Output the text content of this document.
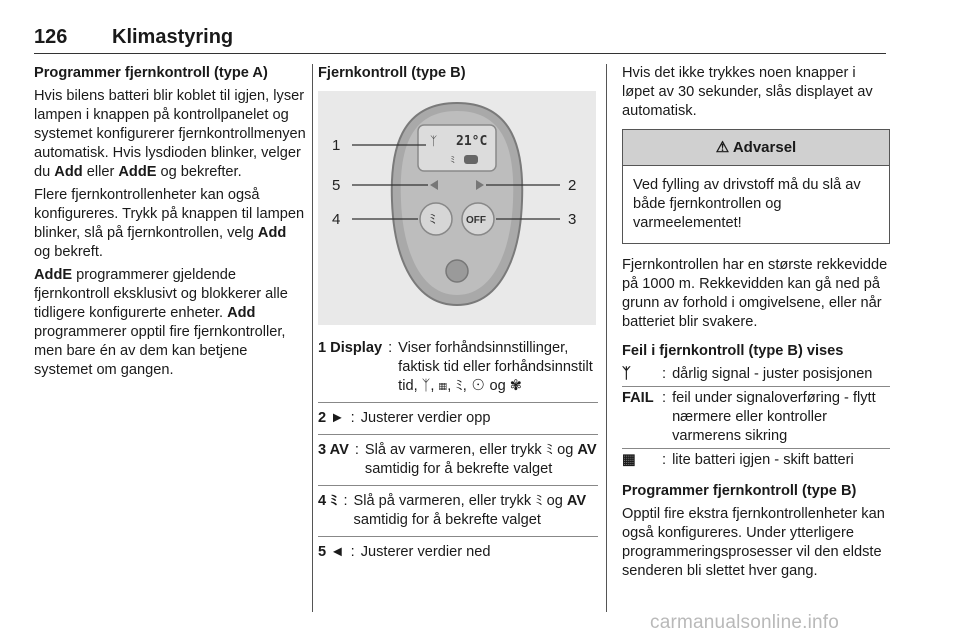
126 Klimastyring

Programmer fjernkontroll (type A)

Hvis bilens batteri blir koblet til igjen, lyser lampen i knappen på kontrollpanelet og systemet konfigurerer fjernkontrollmenyen automatisk. Hvis lysdioden blinker, velger du Add eller AddE og bekrefter.

Flere fjernkontrollenheter kan også konfigureres. Trykk på knappen til lampen blinker, slå på fjernkontrollen, velg Add og bekreft.

AddE programmerer gjeldende fjernkontroll eksklusivt og blokkerer alle tidligere konfigurerte enheter. Add programmerer opptil fire fjernkontroller, men bare én av dem kan betjene systemet om gangen.

Fjernkontroll (type B)

ᛉ 21°C
ﾐ
ﾐ	OFF
1
5
4
2
3
1 Display : Viser forhåndsinnstillinger, faktisk tid eller forhåndsinnstilt tid, ᛉ, ▦, ﾐ, ⊙ og ✾
2 ► : Justerer verdier opp
3 AV : Slå av varmeren, eller trykk ﾐ og AV samtidig for å bekrefte valget
4 ﾐ : Slå på varmeren, eller trykk ﾐ og AV samtidig for å bekrefte valget
5 ◄ : Justerer verdier ned

Hvis det ikke trykkes noen knapper i løpet av 30 sekunder, slås displayet av automatisk.

⚠ Advarsel
Ved fylling av drivstoff må du slå av både fjernkontrollen og varmeelementet!

Fjernkontrollen har en største rekkevidde på 1000 m. Rekkevidden kan gå ned på grunn av forhold i omgivelsene, eller når batteriet blir svakere.

Feil i fjernkontroll (type B) vises

ᛉ	: dårlig signal - juster posisjonen
FAIL : feil under signaloverføring - flytt nærmere eller kontroller varmerens sikring
▦	: lite batteri igjen - skift batteri

Programmer fjernkontroll (type B)

Opptil fire ekstra fjernkontrollenheter kan også konfigureres. Under ytterligere programmeringsprosesser vil den eldste senderen bli slettet hver gang.

carmanualsonline.info
